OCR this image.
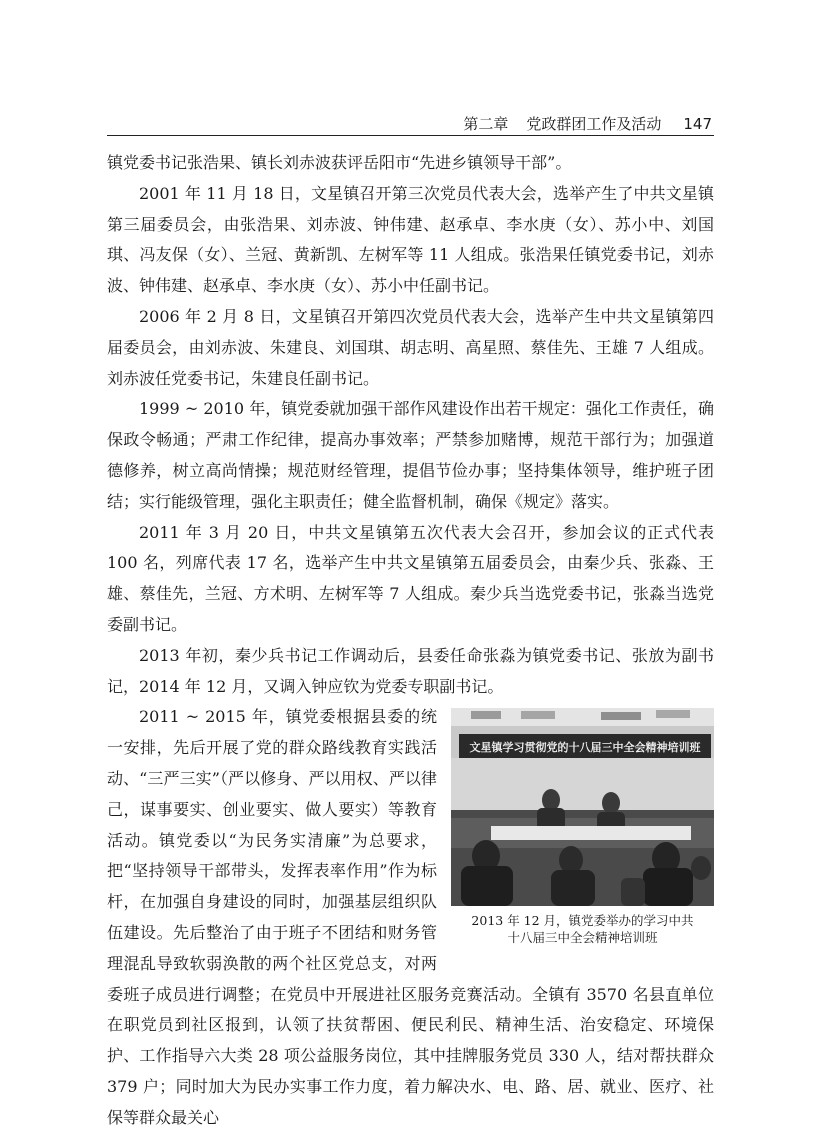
第二章 党政群团工作及活动 147

镇党委书记张浩果、镇长刘赤波获评岳阳市“先进乡镇领导干部”。

2001 年 11 月 18 日，文星镇召开第三次党员代表大会，选举产生了中共文星镇第三届委员会，由张浩果、刘赤波、钟伟建、赵承卓、李水庚（女）、苏小中、刘国琪、冯友保（女）、兰冠、黄新凯、左树军等 11 人组成。张浩果任镇党委书记，刘赤波、钟伟建、赵承卓、李水庚（女）、苏小中任副书记。

2006 年 2 月 8 日，文星镇召开第四次党员代表大会，选举产生中共文星镇第四届委员会，由刘赤波、朱建良、刘国琪、胡志明、高星照、蔡佳先、王雄 7 人组成。刘赤波任党委书记，朱建良任副书记。

1999 ~ 2010 年，镇党委就加强干部作风建设作出若干规定：强化工作责任，确保政令畅通；严肃工作纪律，提高办事效率；严禁参加赌博，规范干部行为；加强道德修养，树立高尚情操；规范财经管理，提倡节俭办事；坚持集体领导，维护班子团结；实行能级管理，强化主职责任；健全监督机制，确保《规定》落实。

2011 年 3 月 20 日，中共文星镇第五次代表大会召开，参加会议的正式代表 100 名，列席代表 17 名，选举产生中共文星镇第五届委员会，由秦少兵、张淼、王雄、蔡佳先，兰冠、方术明、左树军等 7 人组成。秦少兵当选党委书记，张淼当选党委副书记。

2013 年初，秦少兵书记工作调动后，县委任命张淼为镇党委书记、张放为副书记，2014 年 12 月，又调入钟应钦为党委专职副书记。

文星镇学习贯彻党的十八届三中全会精神培训班
2013 年 12 月，镇党委举办的学习中共
十八届三中全会精神培训班

2011 ~ 2015 年，镇党委根据县委的统一安排，先后开展了党的群众路线教育实践活动、“三严三实”（严以修身、严以用权、严以律己，谋事要实、创业要实、做人要实）等教育活动。镇党委以“为民务实清廉”为总要求，把“坚持领导干部带头，发挥表率作用”作为标杆，在加强自身建设的同时，加强基层组织队伍建设。先后整治了由于班子不团结和财务管理混乱导致软弱涣散的两个社区党总支，对两委班子成员进行调整；在党员中开展进社区服务竞赛活动。全镇有 3570 名县直单位在职党员到社区报到，认领了扶贫帮困、便民利民、精神生活、治安稳定、环境保护、工作指导六大类 28 项公益服务岗位，其中挂牌服务党员 330 人，结对帮扶群众 379 户；同时加大为民办实事工作力度，着力解决水、电、路、居、就业、医疗、社保等群众最关心
